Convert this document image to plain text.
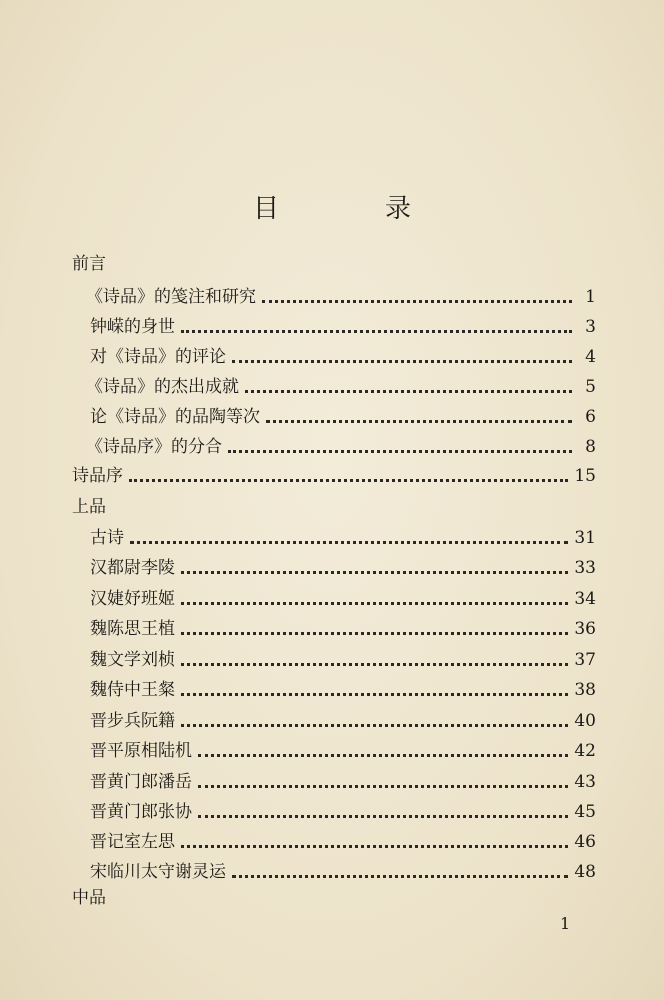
目　录
前言
《诗品》的笺注和研究	1
钟嵘的身世	3
对《诗品》的评论	4
《诗品》的杰出成就	5
论《诗品》的品陶等次	6
《诗品序》的分合	8
诗品序	15
上品
古诗	31
汉都尉李陵	33
汉婕妤班姬	34
魏陈思王植	36
魏文学刘桢	37
魏侍中王粲	38
晋步兵阮籍	40
晋平原相陆机	42
晋黄门郎潘岳	43
晋黄门郎张协	45
晋记室左思	46
宋临川太守谢灵运	48
中品
1
